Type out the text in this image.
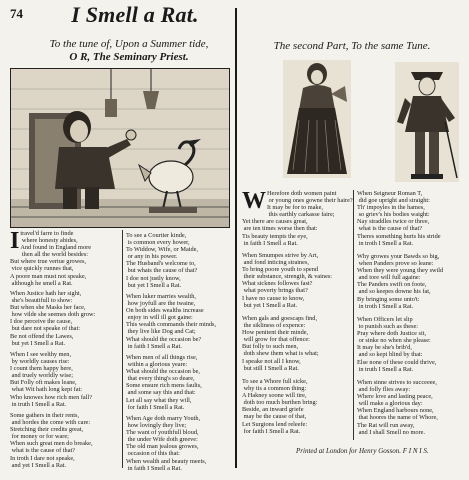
74	I Smell a Rat.
To the tune of, Upon a Summer tide,
O R, The Seminary Priest.
The second Part, To the same Tune.
I travel'd farre to finde
where honesty abides,
And found in England more
then all the world besides:
But where true vertue growes,
vice quickly runnes that,
A poore man must not speake,
although he smell a Rat.
When Justice hath her sight,
she's beautifull to show:
But when she Masks her face,
how vilde she seemes doth grow:
I doe perceive the cause,
but dare not speake of that:
Be not offend the Lawes,
but yet I Smell a Rat.
When I see welthy men,
by worldly causes rise:
I count them happy here,
and truely worldly wise;
But Folly oft makes leane,
what Wit hath long kept fat:
Who knowes how rich men fall?
in truth I Smell a Rat.
Some gathers in their rents,
and hordes the come with care:
Stretching their credits great,
for money or for ware;
When such great men do breake,
what is the cause of that?
In troth I dare not speake,
and yet I Smell a Rat.
To see a Courtier kinde,
is common every hower,
To Widdow, Wife, or Maide,
or any in his power.
The Husband's welcome to,
but whats the cause of that?
I doe not justly know,
but yet I Smell a Rat.
When luker marries wealth,
how joyfull are the twaine,
On both sides wealths increase
enjoy in will ill got gaine:
This wealth commands their minds,
they live like Dog and Cat;
What should the occasion be?
in faith I Smell a Rat.
When men of all things rise,
within a glorious yeare:
What should the occasion be,
that every thing's so deare,
Some ensure rich mens faults,
and some say this and that:
Let all say what they will,
for faith I Smell a Rat.
When Age doth marry Youth,
how lovingly they live;
The want of youthfull bloud,
the under Wife doth greeve:
The old man jealous growes,
occasion of this that:
When wealth and beauty meets,
in faith I Smell a Rat.
W Herefore doth women paint
or young ones gowne their haire?
It may be for to make,
this earthly carkasse faire;
Yet there are causes great,
are ten times worse then that:
Tis beauty tempts the eye,
in faith I Smell a Rat.
When Smumpes strive by Art,
and fond inticing straines,
To bring poore youth to spend
their substance, strength, & vaines:
What sicknes followes fast?
what poverty brings that?
I have no cause to know,
but yet I Smell a Rat.
When gals and goescaps find,
the sikliness of expence:
How penitent their minde,
will grow for that offence:
But folly to such men,
doth shew them what is what;
I speake not all I know,
but still I Smell a Rat.
To see a Whore full sicke,
why tis a common thing:
A Hakney soone will tire,
doth too much burthen bring:
Beside, an inward griefe
may be the cause of that,
Let Surgions lend releefe:
for faith I Smell a Rat.
When Seigneur Roman T,
did goe upright and straight:
Th' impoyles in the hames,
so griev's his bodies waight:
Nay straddles twice or three,
what is the cause of that?
Theres something hurts his stride
in troth I Smell a Rat.
Why growes your Bawds so big,
when Panders prove so leane:
When they were young they swild
and tore will full againe:
The Panders swift on foote,
and so keepes downe his fat,
By bringing some unto't:
in troth I Smell a Rat.
When Officers let slip
to punish such as these:
Pray where doth Justice sit,
or sinke no when she please:
It may be she's brib'd,
and so kept blind by that:
Else none of these could thrive,
in truth I Smell a Rat.
When sinne strives to succeeee,
and folly flies away:
Where love and lasting peace,
will make a glorious day:
When England harbours none,
that hoores the name of Whore,
The Rat will run away,
and I shall Smell no more.
Printed at London for Henry Gosson. F I N I S.
